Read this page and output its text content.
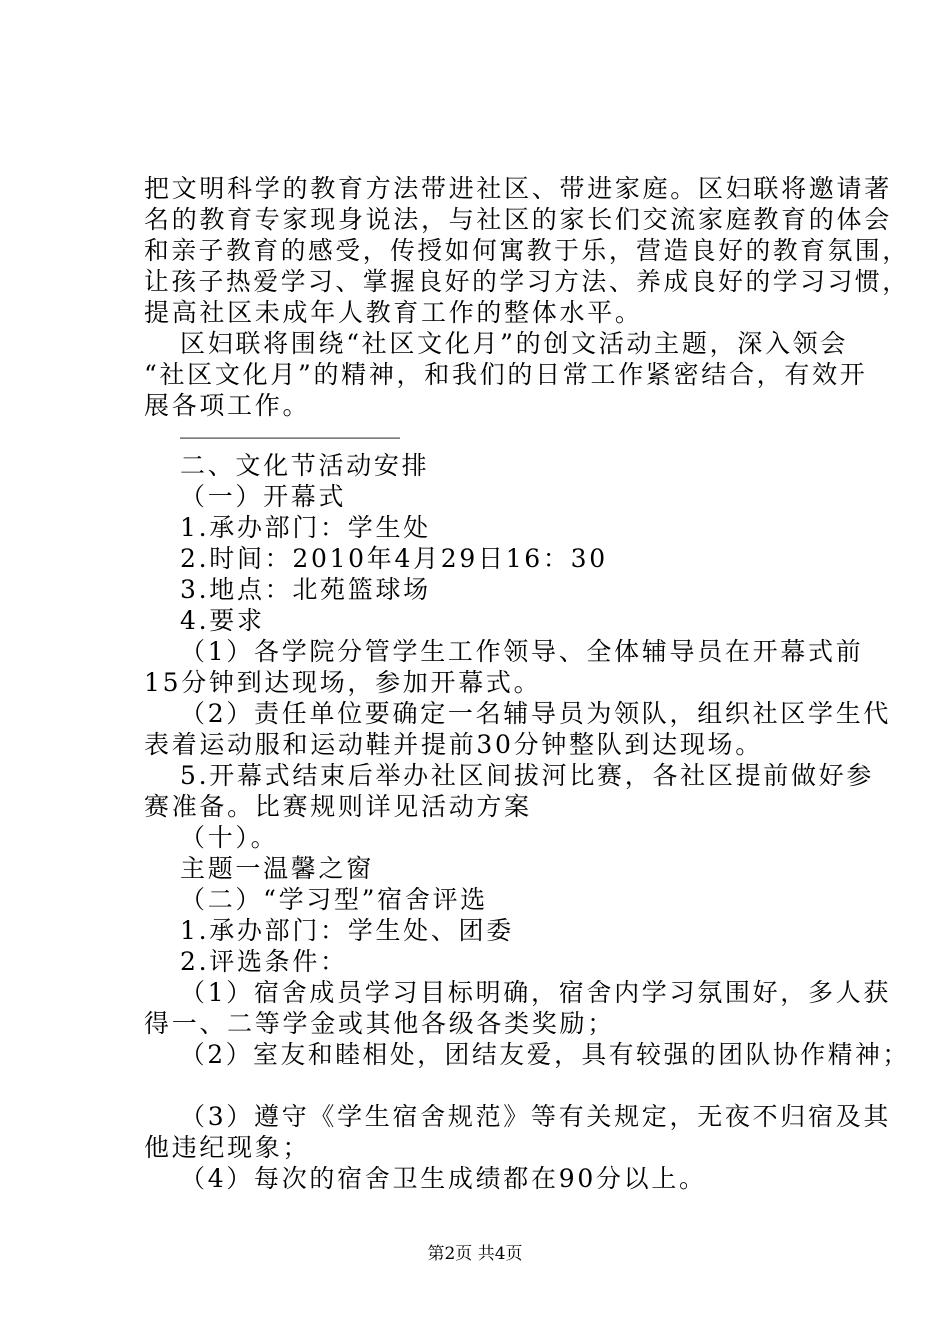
把文明科学的教育方法带进社区、带进家庭。区妇联将邀请著
名的教育专家现身说法，与社区的家长们交流家庭教育的体会
和亲子教育的感受，传授如何寓教于乐，营造良好的教育氛围，
让孩子热爱学习、掌握良好的学习方法、养成良好的学习习惯，
提高社区未成年人教育工作的整体水平。
区妇联将围绕“社区文化月”的创文活动主题，深入领会
“社区文化月”的精神，和我们的日常工作紧密结合，有效开
展各项工作。
____________________
二、文化节活动安排
（一）开幕式
1.承办部门：学生处
2.时间：2010年4月29日16：30
3.地点：北苑篮球场
4.要求
（1）各学院分管学生工作领导、全体辅导员在开幕式前
15分钟到达现场，参加开幕式。
（2）责任单位要确定一名辅导员为领队，组织社区学生代
表着运动服和运动鞋并提前30分钟整队到达现场。
5.开幕式结束后举办社区间拔河比赛，各社区提前做好参
赛准备。比赛规则详见活动方案
（十）。
主题一温馨之窗
（二）“学习型”宿舍评选
1.承办部门：学生处、团委
2.评选条件：
（1）宿舍成员学习目标明确，宿舍内学习氛围好，多人获
得一、二等学金或其他各级各类奖励；
（2）室友和睦相处，团结友爱，具有较强的团队协作精神；
（3）遵守《学生宿舍规范》等有关规定，无夜不归宿及其
他违纪现象；
（4）每次的宿舍卫生成绩都在90分以上。
第2页 共4页
